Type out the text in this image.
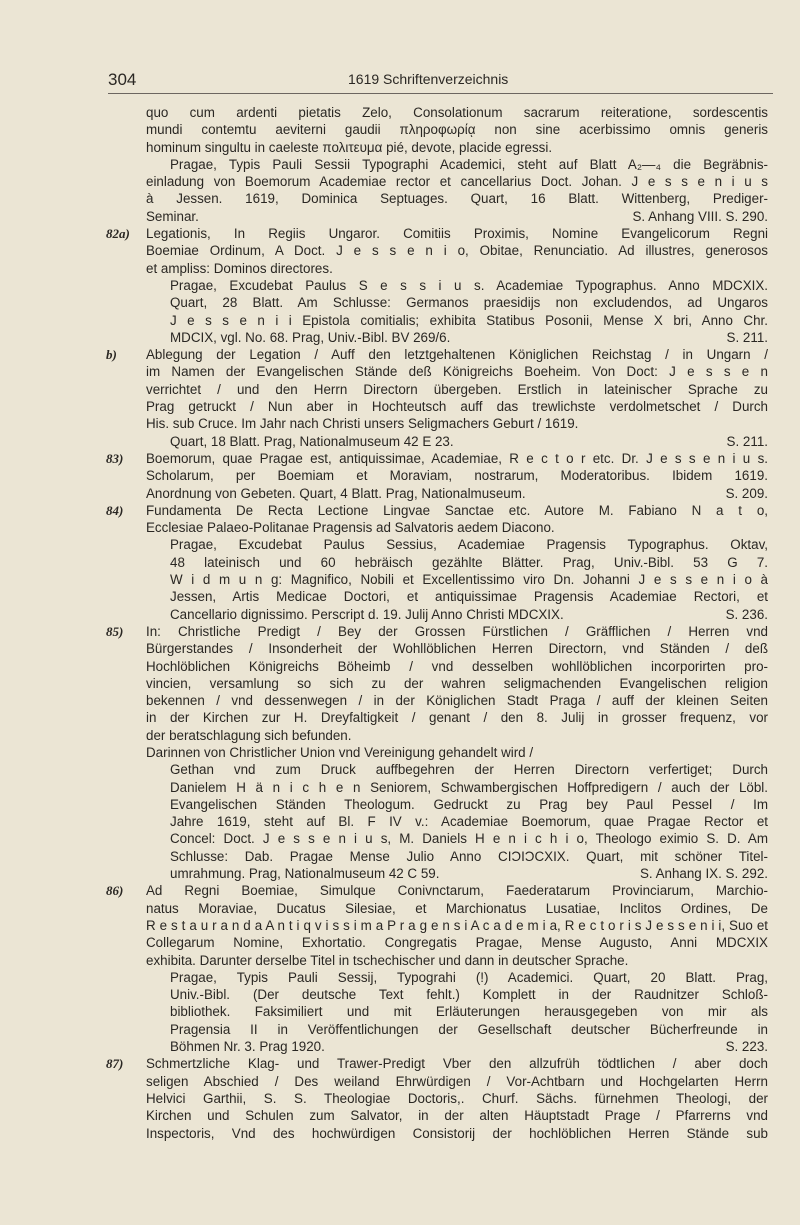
304	1619 Schriftenverzeichnis
quo cum ardenti pietatis Zelo, Consolationum sacrarum reiteratione, sordescentis
mundi contemtu aeviterni gaudii πληροφωρίᾳ non sine acerbissimo omnis generis
hominum singultu in caeleste πολιτευμα pié, devote, placide egressi.
Pragae, Typis Pauli Sessii Typographi Academici, steht auf Blatt A₂—₄ die Begräbnis-
einladung von Boemorum Academiae rector et cancellarius Doct. Johan. J e s s e n i u s
à Jessen. 1619, Dominica Septuages. Quart, 16 Blatt. Wittenberg, Prediger-
Seminar.	S. Anhang VIII. S. 290.
82a)	Legationis, In Regiis Ungaror. Comitiis Proximis, Nomine Evangelicorum Regni
Boemiae Ordinum, A Doct. J e s s e n i o, Obitae, Renunciatio. Ad illustres, generosos
et ampliss: Dominos directores.
Pragae, Excudebat Paulus S e s s i u s. Academiae Typographus. Anno MDCXIX.
Quart, 28 Blatt. Am Schlusse: Germanos praesidijs non excludendos, ad Ungaros
J e s s e n i i Epistola comitialis; exhibita Statibus Posonii, Mense X bri, Anno Chr.
MDCIX, vgl. No. 68. Prag, Univ.-Bibl. BV 269/6.	S. 211.
b)	Ablegung der Legation / Auff den letztgehaltenen Königlichen Reichstag / in Ungarn /
im Namen der Evangelischen Stände deß Königreichs Boeheim. Von Doct: J e s s e n
verrichtet / und den Herrn Directorn übergeben. Erstlich in lateinischer Sprache zu
Prag getruckt / Nun aber in Hochteutsch auff das trewlichste verdolmetschet / Durch
His. sub Cruce. Im Jahr nach Christi unsers Seligmachers Geburt / 1619.
Quart, 18 Blatt. Prag, Nationalmuseum 42 E 23.	S. 211.
83)	Boemorum, quae Pragae est, antiquissimae, Academiae, R e c t o r etc. Dr. J e s s e n i u s.
Scholarum, per Boemiam et Moraviam, nostrarum, Moderatoribus. Ibidem 1619.
Anordnung von Gebeten. Quart, 4 Blatt. Prag, Nationalmuseum.	S. 209.
84)	Fundamenta De Recta Lectione Lingvae Sanctae etc. Autore M. Fabiano N a t o,
Ecclesiae Palaeo-Politanae Pragensis ad Salvatoris aedem Diacono.
Pragae, Excudebat Paulus Sessius, Academiae Pragensis Typographus. Oktav,
48 lateinisch und 60 hebräisch gezählte Blätter. Prag, Univ.-Bibl. 53 G 7.
W i d m u n g: Magnifico, Nobili et Excellentissimo viro Dn. Johanni J e s s e n i o à
Jessen, Artis Medicae Doctori, et antiquissimae Pragensis Academiae Rectori, et
Cancellario dignissimo. Perscript d. 19. Julij Anno Christi MDCXIX.	S. 236.
85)	In: Christliche Predigt / Bey der Grossen Fürstlichen / Gräfflichen / Herren vnd
Bürgerstandes / Insonderheit der Wohllöblichen Herren Directorn, vnd Ständen / deß
Hochlöblichen Königreichs Böheimb / vnd desselben wohllöblichen incorporirten pro-
vincien, versamlung so sich zu der wahren seligmachenden Evangelischen religion
bekennen / vnd dessenwegen / in der Königlichen Stadt Praga / auff der kleinen Seiten
in der Kirchen zur H. Dreyfaltigkeit / genant / den 8. Julij in grosser frequenz, vor
der beratschlagung sich befunden.
Darinnen von Christlicher Union vnd Vereinigung gehandelt wird /
Gethan vnd zum Druck auffbegehren der Herren Directorn verfertiget; Durch
Danielem H ä n i c h e n Seniorem, Schwambergischen Hoffpredigern / auch der Löbl.
Evangelischen Ständen Theologum. Gedruckt zu Prag bey Paul Pessel / Im
Jahre 1619, steht auf Bl. F IV v.: Academiae Boemorum, quae Pragae Rector et
Concel: Doct. J e s s e n i u s, M. Daniels H e n i c h i o, Theologo eximio S. D. Am
Schlusse: Dab. Pragae Mense Julio Anno CIƆIƆCXIX. Quart, mit schöner Titel-
umrahmung. Prag, Nationalmuseum 42 C 59.	S. Anhang IX. S. 292.
86)	Ad Regni Boemiae, Simulque Conivnctarum, Faederatarum Provinciarum, Marchio-
natus Moraviae, Ducatus Silesiae, et Marchionatus Lusatiae, Inclitos Ordines, De
R e s t a u r a n d a A n t i q v i s s i m a P r a g e n s i A c a d e m i a, R e c t o r i s J e s s e n i i, Suo et
Collegarum Nomine, Exhortatio. Congregatis Pragae, Mense Augusto, Anni MDCXIX
exhibita. Darunter derselbe Titel in tschechischer und dann in deutscher Sprache.
Pragae, Typis Pauli Sessij, Typograhi (!) Academici. Quart, 20 Blatt. Prag,
Univ.-Bibl. (Der deutsche Text fehlt.) Komplett in der Raudnitzer Schloß-
bibliothek. Faksimiliert und mit Erläuterungen herausgegeben von mir als
Pragensia II in Veröffentlichungen der Gesellschaft deutscher Bücherfreunde in
Böhmen Nr. 3. Prag 1920.	S. 223.
87)	Schmertzliche Klag- und Trawer-Predigt Vber den allzufrüh tödtlichen / aber doch
seligen Abschied / Des weiland Ehrwürdigen / Vor-Achtbarn und Hochgelarten Herrn
Helvici Garthii, S. S. Theologiae Doctoris,. Churf. Sächs. fürnehmen Theologi, der
Kirchen und Schulen zum Salvator, in der alten Häuptstadt Prage / Pfarrerns vnd
Inspectoris, Vnd des hochwürdigen Consistorij der hochlöblichen Herren Stände sub
